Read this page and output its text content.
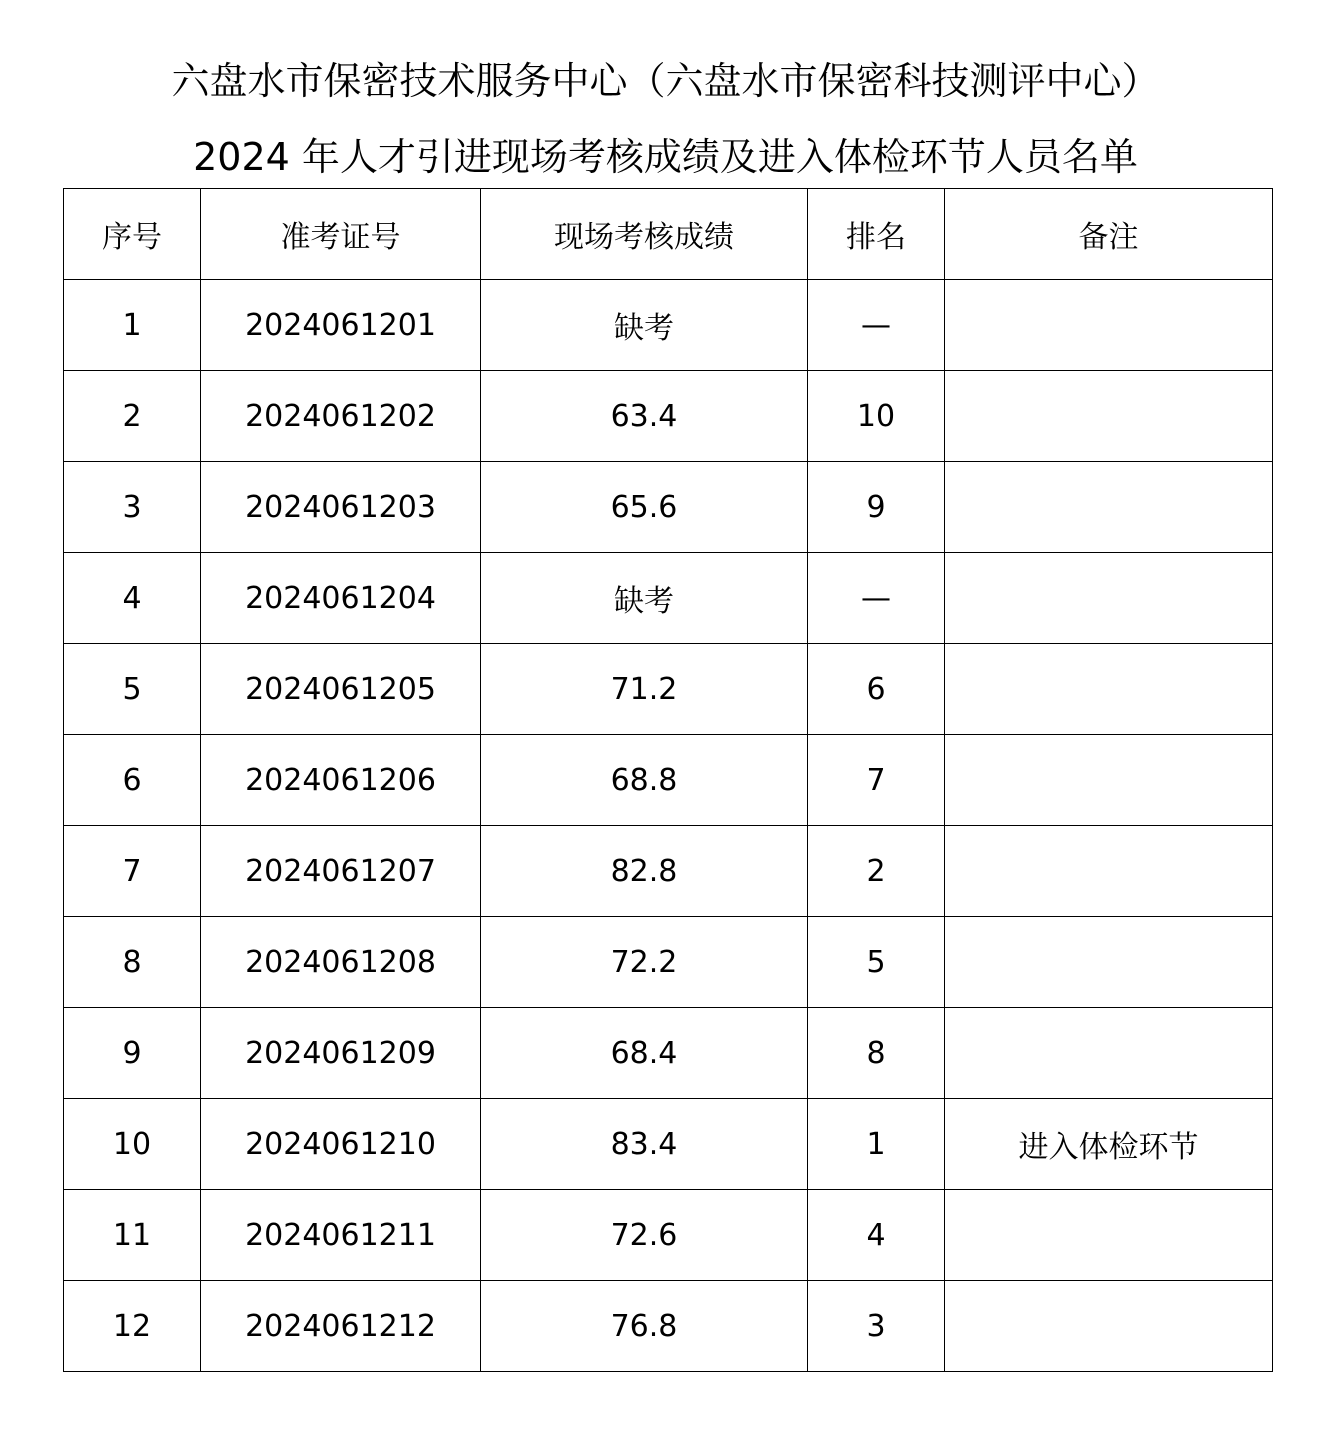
六盘水市保密技术服务中心（六盘水市保密科技测评中心）
2024 年人才引进现场考核成绩及进入体检环节人员名单
序号	准考证号	现场考核成绩	排名	备注
1	2024061201	缺考	—	
2	2024061202	63.4	10	
3	2024061203	65.6	9	
4	2024061204	缺考	—	
5	2024061205	71.2	6	
6	2024061206	68.8	7	
7	2024061207	82.8	2	
8	2024061208	72.2	5	
9	2024061209	68.4	8	
10	2024061210	83.4	1	进入体检环节
11	2024061211	72.6	4	
12	2024061212	76.8	3	
